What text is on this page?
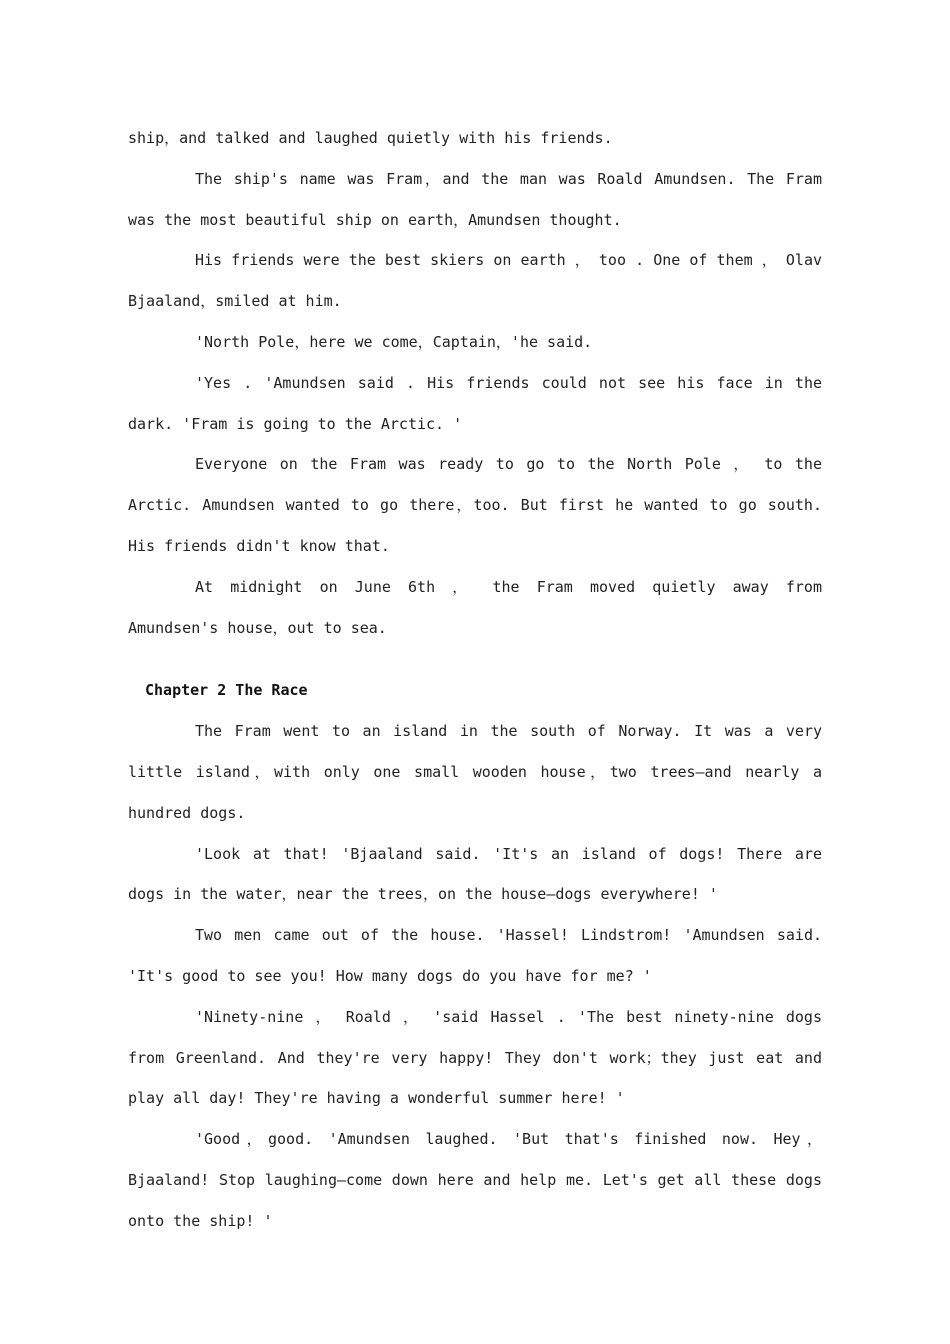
ship，and talked and laughed quietly with his friends.

The ship's name was Fram，and the man was Roald Amundsen. The Fram was the most beautiful ship on earth，Amundsen thought.

His friends were the best skiers on earth ， too . One of them ， Olav Bjaaland，smiled at him.

'North Pole，here we come，Captain，'he said.

'Yes . 'Amundsen said . His friends could not see his face in the dark. 'Fram is going to the Arctic. '

Everyone on the Fram was ready to go to the North Pole ， to the Arctic. Amundsen wanted to go there，too. But first he wanted to go south. His friends didn't know that.

At midnight on June 6th ， the Fram moved quietly away from Amundsen's house，out to sea.

Chapter 2 The Race

The Fram went to an island in the south of Norway. It was a very little island，with only one small wooden house，two trees—and nearly a hundred dogs.

'Look at that! 'Bjaaland said. 'It's an island of dogs! There are dogs in the water，near the trees，on the house—dogs everywhere! '

Two men came out of the house. 'Hassel! Lindstrom! 'Amundsen said. 'It's good to see you! How many dogs do you have for me? '

'Ninety-nine ， Roald ， 'said Hassel . 'The best ninety-nine dogs from Greenland. And they're very happy! They don't work；they just eat and play all day! They're having a wonderful summer here! '

'Good，good. 'Amundsen laughed. 'But that's finished now. Hey，Bjaaland! Stop laughing—come down here and help me. Let's get all these dogs onto the ship! '
